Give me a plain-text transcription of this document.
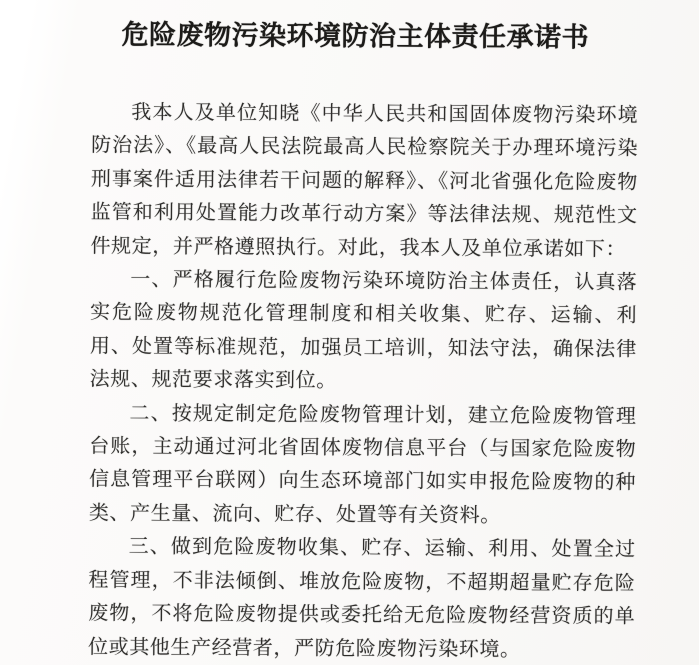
危险废物污染环境防治主体责任承诺书

我本人及单位知晓《中华人民共和国固体废物污染环境防治法》、《最高人民法院最高人民检察院关于办理环境污染刑事案件适用法律若干问题的解释》、《河北省强化危险废物监管和利用处置能力改革行动方案》等法律法规、规范性文件规定，并严格遵照执行。对此，我本人及单位承诺如下：

一、严格履行危险废物污染环境防治主体责任，认真落实危险废物规范化管理制度和相关收集、贮存、运输、利用、处置等标准规范，加强员工培训，知法守法，确保法律法规、规范要求落实到位。

二、按规定制定危险废物管理计划，建立危险废物管理台账，主动通过河北省固体废物信息平台（与国家危险废物信息管理平台联网）向生态环境部门如实申报危险废物的种类、产生量、流向、贮存、处置等有关资料。

三、做到危险废物收集、贮存、运输、利用、处置全过程管理，不非法倾倒、堆放危险废物，不超期超量贮存危险废物，不将危险废物提供或委托给无危险废物经营资质的单位或其他生产经营者，严防危险废物污染环境。
